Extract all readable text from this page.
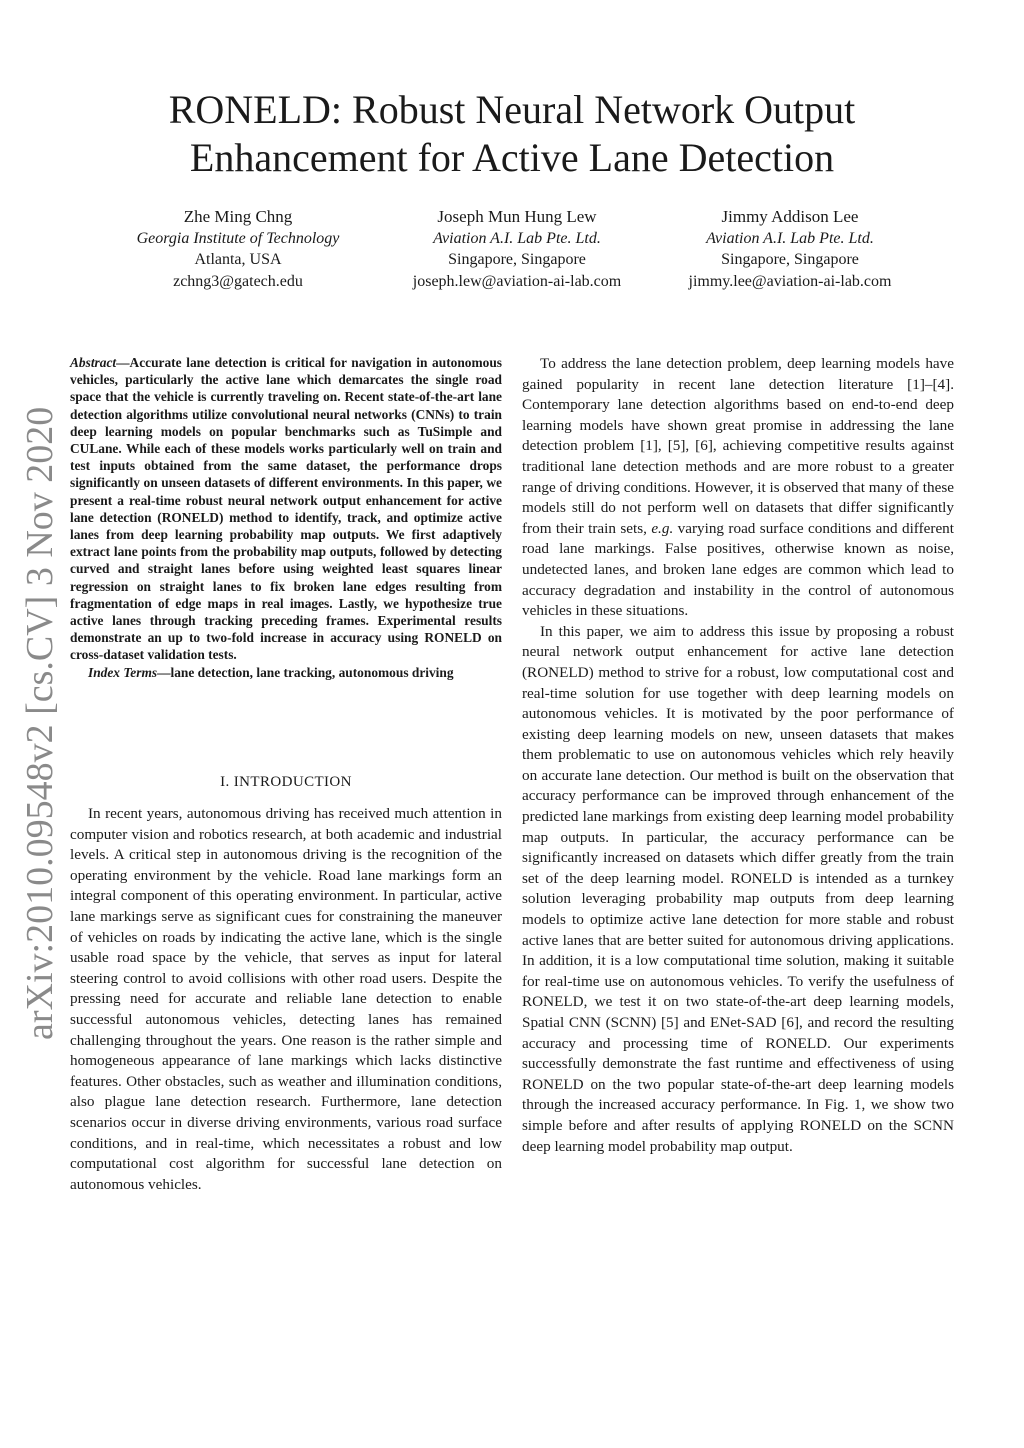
arXiv:2010.09548v2 [cs.CV] 3 Nov 2020
RONELD: Robust Neural Network Output Enhancement for Active Lane Detection
Zhe Ming Chng
Georgia Institute of Technology
Atlanta, USA
zchng3@gatech.edu
Joseph Mun Hung Lew
Aviation A.I. Lab Pte. Ltd.
Singapore, Singapore
joseph.lew@aviation-ai-lab.com
Jimmy Addison Lee
Aviation A.I. Lab Pte. Ltd.
Singapore, Singapore
jimmy.lee@aviation-ai-lab.com

Abstract—Accurate lane detection is critical for navigation in autonomous vehicles, particularly the active lane which demarcates the single road space that the vehicle is currently traveling on. Recent state-of-the-art lane detection algorithms utilize convolutional neural networks (CNNs) to train deep learning models on popular benchmarks such as TuSimple and CULane. While each of these models works particularly well on train and test inputs obtained from the same dataset, the performance drops significantly on unseen datasets of different environments. In this paper, we present a real-time robust neural network output enhancement for active lane detection (RONELD) method to identify, track, and optimize active lanes from deep learning probability map outputs. We first adaptively extract lane points from the probability map outputs, followed by detecting curved and straight lanes before using weighted least squares linear regression on straight lanes to fix broken lane edges resulting from fragmentation of edge maps in real images. Lastly, we hypothesize true active lanes through tracking preceding frames. Experimental results demonstrate an up to two-fold increase in accuracy using RONELD on cross-dataset validation tests.

Index Terms—lane detection, lane tracking, autonomous driving

I. INTRODUCTION

In recent years, autonomous driving has received much attention in computer vision and robotics research, at both academic and industrial levels. A critical step in autonomous driving is the recognition of the operating environment by the vehicle. Road lane markings form an integral component of this operating environment. In particular, active lane markings serve as significant cues for constraining the maneuver of vehicles on roads by indicating the active lane, which is the single usable road space by the vehicle, that serves as input for lateral steering control to avoid collisions with other road users. Despite the pressing need for accurate and reliable lane detection to enable successful autonomous vehicles, detecting lanes has remained challenging throughout the years. One reason is the rather simple and homogeneous appearance of lane markings which lacks distinctive features. Other obstacles, such as weather and illumination conditions, also plague lane detection research. Furthermore, lane detection scenarios occur in diverse driving environments, various road surface conditions, and in real-time, which necessitates a robust and low computational cost algorithm for successful lane detection on autonomous vehicles.

To address the lane detection problem, deep learning models have gained popularity in recent lane detection literature [1]–[4]. Contemporary lane detection algorithms based on end-to-end deep learning models have shown great promise in addressing the lane detection problem [1], [5], [6], achieving competitive results against traditional lane detection methods and are more robust to a greater range of driving conditions. However, it is observed that many of these models still do not perform well on datasets that differ significantly from their train sets, e.g. varying road surface conditions and different road lane markings. False positives, otherwise known as noise, undetected lanes, and broken lane edges are common which lead to accuracy degradation and instability in the control of autonomous vehicles in these situations.

In this paper, we aim to address this issue by proposing a robust neural network output enhancement for active lane detection (RONELD) method to strive for a robust, low computational cost and real-time solution for use together with deep learning models on autonomous vehicles. It is motivated by the poor performance of existing deep learning models on new, unseen datasets that makes them problematic to use on autonomous vehicles which rely heavily on accurate lane detection. Our method is built on the observation that accuracy performance can be improved through enhancement of the predicted lane markings from existing deep learning model probability map outputs. In particular, the accuracy performance can be significantly increased on datasets which differ greatly from the train set of the deep learning model. RONELD is intended as a turnkey solution leveraging probability map outputs from deep learning models to optimize active lane detection for more stable and robust active lanes that are better suited for autonomous driving applications. In addition, it is a low computational time solution, making it suitable for real-time use on autonomous vehicles. To verify the usefulness of RONELD, we test it on two state-of-the-art deep learning models, Spatial CNN (SCNN) [5] and ENet-SAD [6], and record the resulting accuracy and processing time of RONELD. Our experiments successfully demonstrate the fast runtime and effectiveness of using RONELD on the two popular state-of-the-art deep learning models through the increased accuracy performance. In Fig. 1, we show two simple before and after results of applying RONELD on the SCNN deep learning model probability map output.
